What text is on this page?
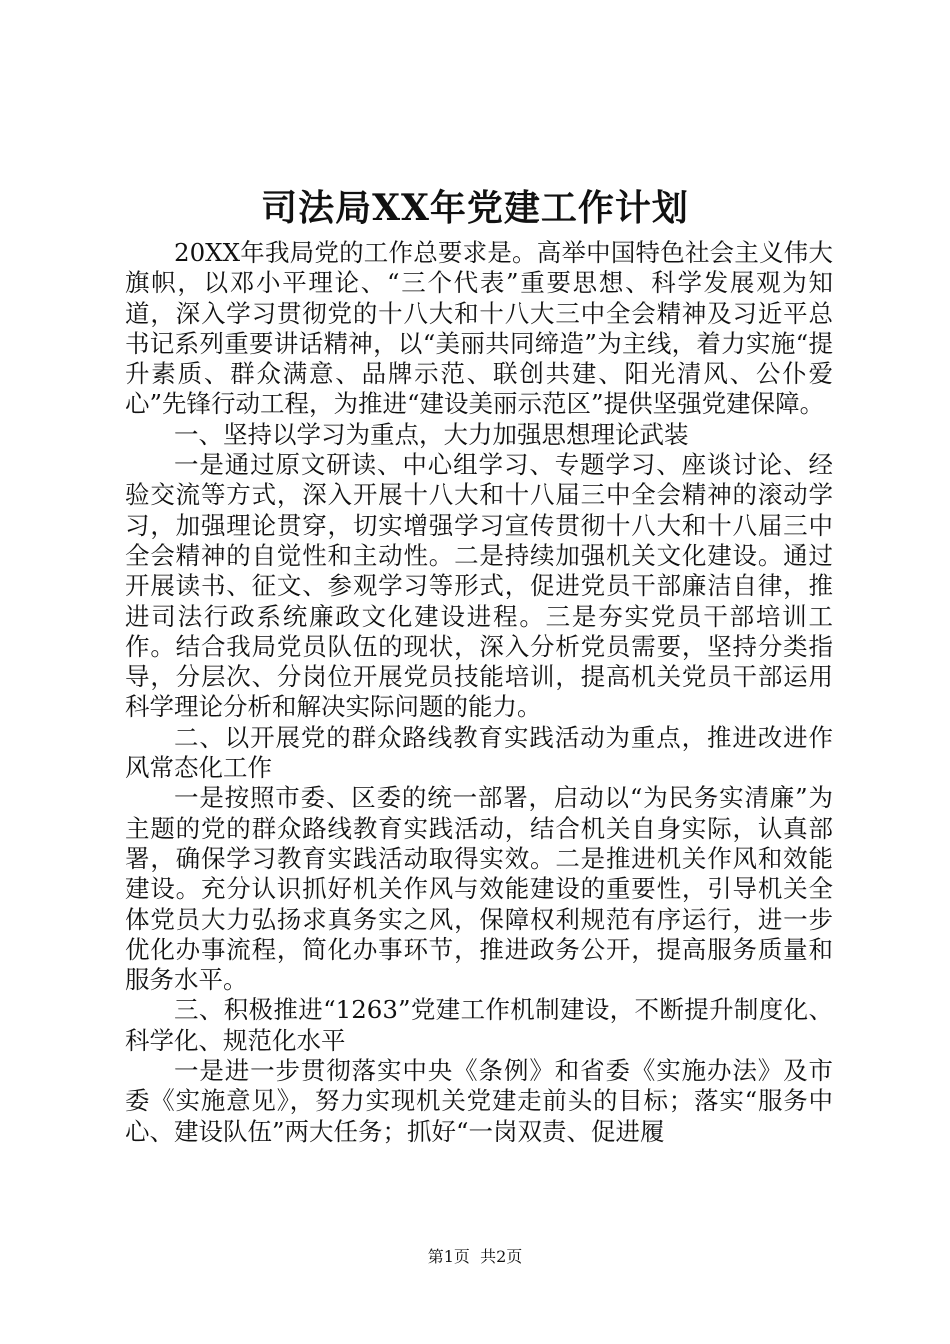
司法局XX年党建工作计划

20XX年我局党的工作总要求是。高举中国特色社会主义伟大旗帜，以邓小平理论、“三个代表”重要思想、科学发展观为知道，深入学习贯彻党的十八大和十八大三中全会精神及习近平总书记系列重要讲话精神，以“美丽共同缔造”为主线，着力实施“提升素质、群众满意、品牌示范、联创共建、阳光清风、公仆爱心”先锋行动工程，为推进“建设美丽示范区”提供坚强党建保障。

一、坚持以学习为重点，大力加强思想理论武装

一是通过原文研读、中心组学习、专题学习、座谈讨论、经验交流等方式，深入开展十八大和十八届三中全会精神的滚动学习，加强理论贯穿，切实增强学习宣传贯彻十八大和十八届三中全会精神的自觉性和主动性。二是持续加强机关文化建设。通过开展读书、征文、参观学习等形式，促进党员干部廉洁自律，推进司法行政系统廉政文化建设进程。三是夯实党员干部培训工作。结合我局党员队伍的现状，深入分析党员需要，坚持分类指导，分层次、分岗位开展党员技能培训，提高机关党员干部运用科学理论分析和解决实际问题的能力。

二、以开展党的群众路线教育实践活动为重点，推进改进作风常态化工作

一是按照市委、区委的统一部署，启动以“为民务实清廉”为主题的党的群众路线教育实践活动，结合机关自身实际，认真部署，确保学习教育实践活动取得实效。二是推进机关作风和效能建设。充分认识抓好机关作风与效能建设的重要性，引导机关全体党员大力弘扬求真务实之风，保障权利规范有序运行，进一步优化办事流程，简化办事环节，推进政务公开，提高服务质量和服务水平。

三、积极推进“1263”党建工作机制建设，不断提升制度化、科学化、规范化水平

一是进一步贯彻落实中央《条例》和省委《实施办法》及市委《实施意见》，努力实现机关党建走前头的目标；落实“服务中心、建设队伍”两大任务；抓好“一岗双责、促进履

第1页  共2页
